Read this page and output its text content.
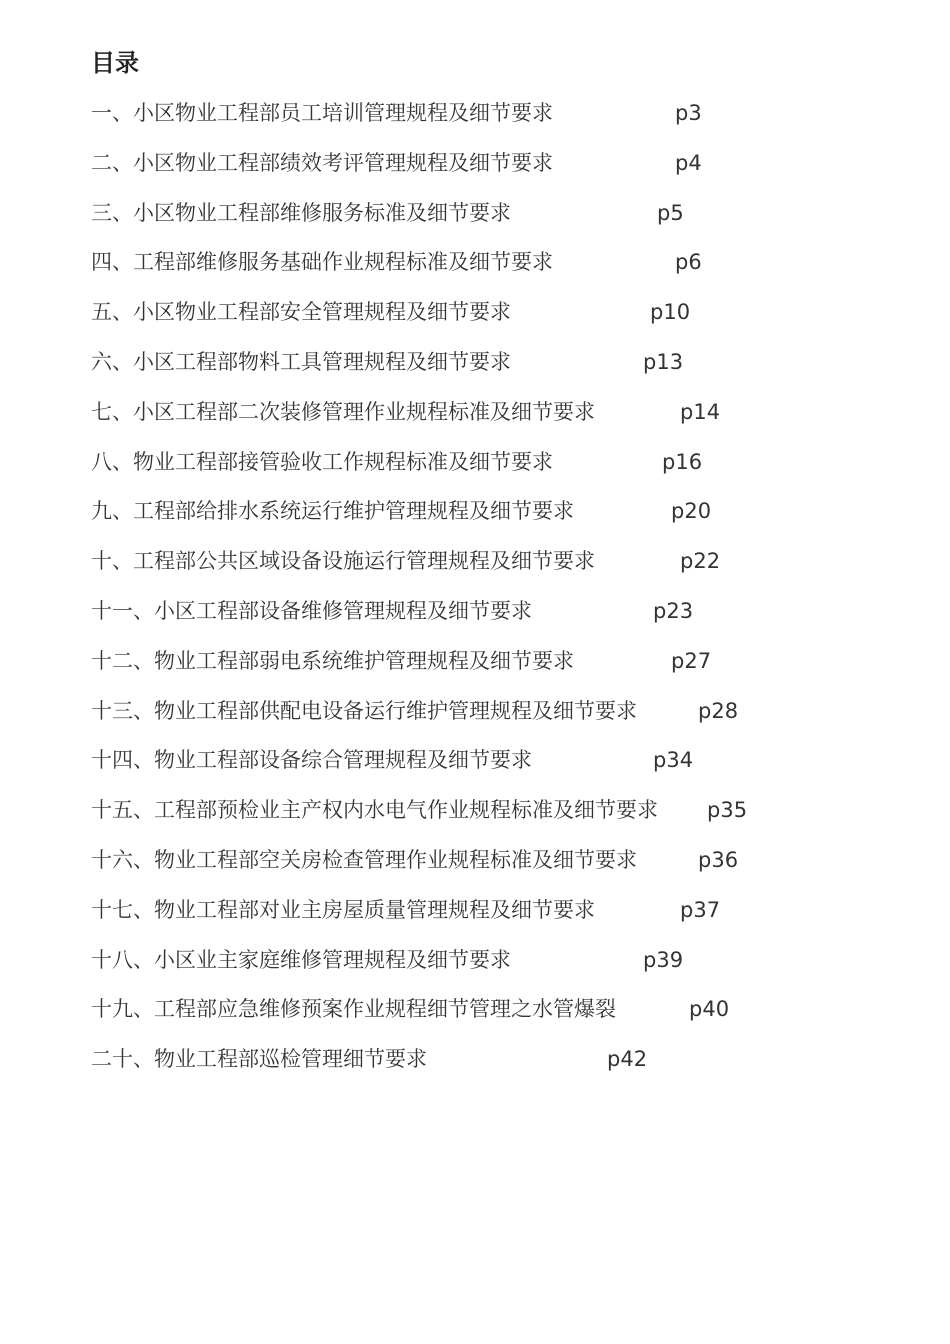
目录
一、小区物业工程部员工培训管理规程及细节要求	p3
二、小区物业工程部绩效考评管理规程及细节要求	p4
三、小区物业工程部维修服务标准及细节要求	p5
四、工程部维修服务基础作业规程标准及细节要求	p6
五、小区物业工程部安全管理规程及细节要求	p10
六、小区工程部物料工具管理规程及细节要求	p13
七、小区工程部二次装修管理作业规程标准及细节要求	p14
八、物业工程部接管验收工作规程标准及细节要求	p16
九、工程部给排水系统运行维护管理规程及细节要求	p20
十、工程部公共区域设备设施运行管理规程及细节要求	p22
十一、小区工程部设备维修管理规程及细节要求	p23
十二、物业工程部弱电系统维护管理规程及细节要求	p27
十三、物业工程部供配电设备运行维护管理规程及细节要求	p28
十四、物业工程部设备综合管理规程及细节要求	p34
十五、工程部预检业主产权内水电气作业规程标准及细节要求 p35
十六、物业工程部空关房检查管理作业规程标准及细节要求	p36
十七、物业工程部对业主房屋质量管理规程及细节要求	p37
十八、小区业主家庭维修管理规程及细节要求	p39
十九、工程部应急维修预案作业规程细节管理之水管爆裂	p40
二十、物业工程部巡检管理细节要求	p42
